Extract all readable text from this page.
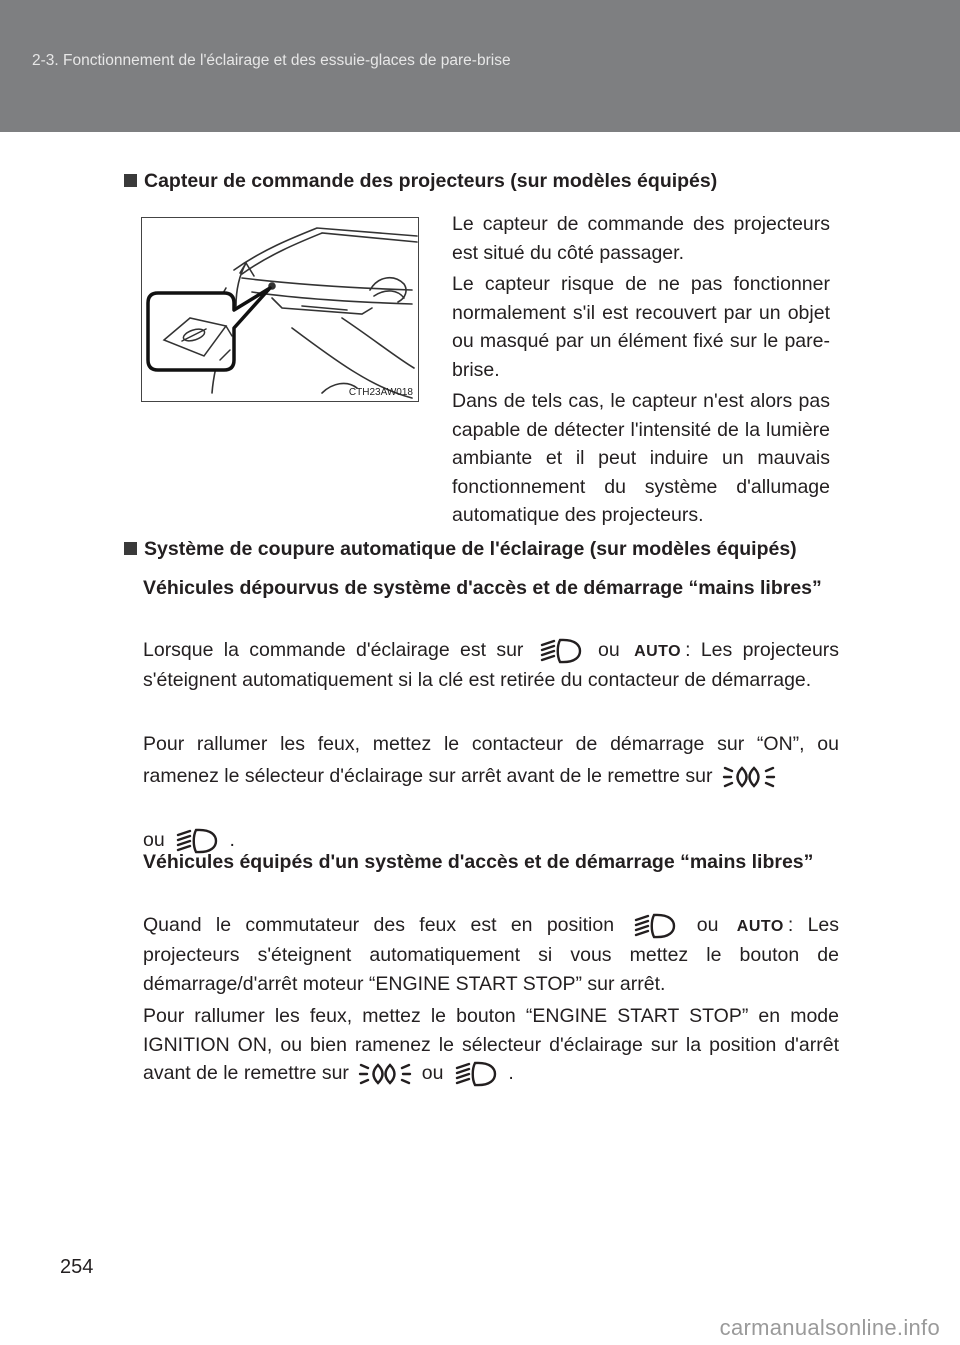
2-3. Fonctionnement de l'éclairage et des essuie-glaces de pare-brise
Capteur de commande des projecteurs (sur modèles équipés)
CTH23AW018

Le capteur de commande des projecteurs est situé du côté passager.

Le capteur risque de ne pas fonctionner normalement s'il est recouvert par un objet ou masqué par un élément fixé sur le pare-brise.

Dans de tels cas, le capteur n'est alors pas capable de détecter l'intensité de la lumière ambiante et il peut induire un mauvais fonctionnement du système d'allumage automatique des projecteurs.

Système de coupure automatique de l'éclairage (sur modèles équipés)

Véhicules dépourvus de système d'accès et de démarrage “mains libres”

Lorsque la commande d'éclairage est sur	ou AUTO : Les projecteurs s'éteignent automatiquement si la clé est retirée du contacteur de démarrage.

Pour rallumer les feux, mettez le contacteur de démarrage sur “ON”, ou ramenez le sélecteur d'éclairage sur arrêt avant de le remettre sur

ou	.

Véhicules équipés d'un système d'accès et de démarrage “mains libres”

Quand le commutateur des feux est en position	ou AUTO : Les projecteurs s'éteignent automatiquement si vous mettez le bouton de démarrage/d'arrêt moteur “ENGINE START STOP” sur arrêt.

Pour rallumer les feux, mettez le bouton “ENGINE START STOP” en mode IGNITION ON, ou bien ramenez le sélecteur d'éclairage sur la position d'arrêt avant de le remettre sur	ou	.

254
carmanualsonline.info
